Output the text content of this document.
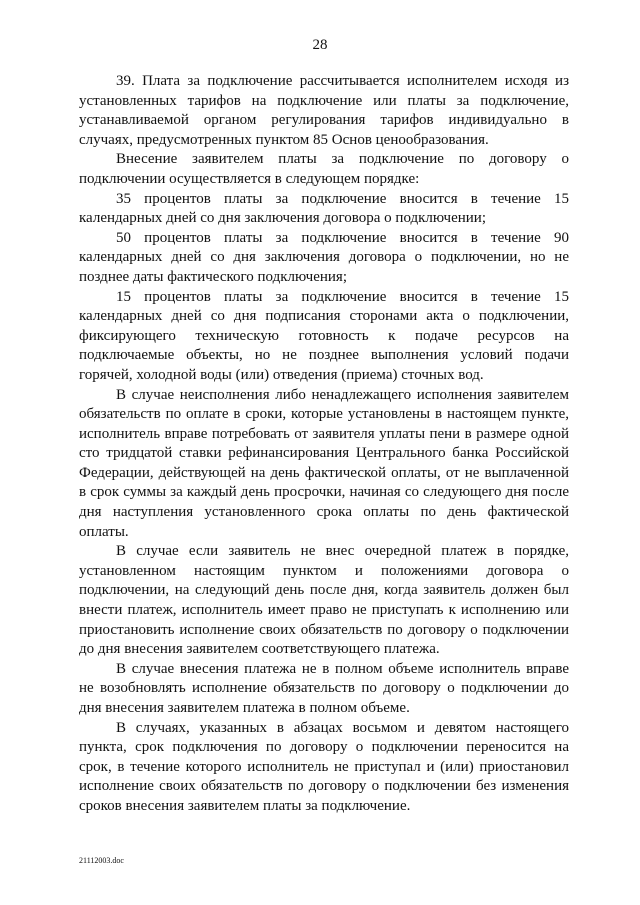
28

39. Плата за подключение рассчитывается исполнителем исходя из установленных тарифов на подключение или платы за подключение, устанавливаемой органом регулирования тарифов индивидуально в случаях, предусмотренных пунктом 85 Основ ценообразования.

Внесение заявителем платы за подключение по договору о подключении осуществляется в следующем порядке:

35 процентов платы за подключение вносится в течение 15 календарных дней со дня заключения договора о подключении;

50 процентов платы за подключение вносится в течение 90 календарных дней со дня заключения договора о подключении, но не позднее даты фактического подключения;

15 процентов платы за подключение вносится в течение 15 календарных дней со дня подписания сторонами акта о подключении, фиксирующего техническую готовность к подаче ресурсов на подключаемые объекты, но не позднее выполнения условий подачи горячей, холодной воды (или) отведения (приема) сточных вод.

В случае неисполнения либо ненадлежащего исполнения заявителем обязательств по оплате в сроки, которые установлены в настоящем пункте, исполнитель вправе потребовать от заявителя уплаты пени в размере одной сто тридцатой ставки рефинансирования Центрального банка Российской Федерации, действующей на день фактической оплаты, от не выплаченной в срок суммы за каждый день просрочки, начиная со следующего дня после дня наступления установленного срока оплаты по день фактической оплаты.

В случае если заявитель не внес очередной платеж в порядке, установленном настоящим пунктом и положениями договора о подключении, на следующий день после дня, когда заявитель должен был внести платеж, исполнитель имеет право не приступать к исполнению или приостановить исполнение своих обязательств по договору о подключении до дня внесения заявителем соответствующего платежа.

В случае внесения платежа не в полном объеме исполнитель вправе не возобновлять исполнение обязательств по договору о подключении до дня внесения заявителем платежа в полном объеме.

В случаях, указанных в абзацах восьмом и девятом настоящего пункта, срок подключения по договору о подключении переносится на срок, в течение которого исполнитель не приступал и (или) приостановил исполнение своих обязательств по договору о подключении без изменения сроков внесения заявителем платы за подключение.

21112003.doc
